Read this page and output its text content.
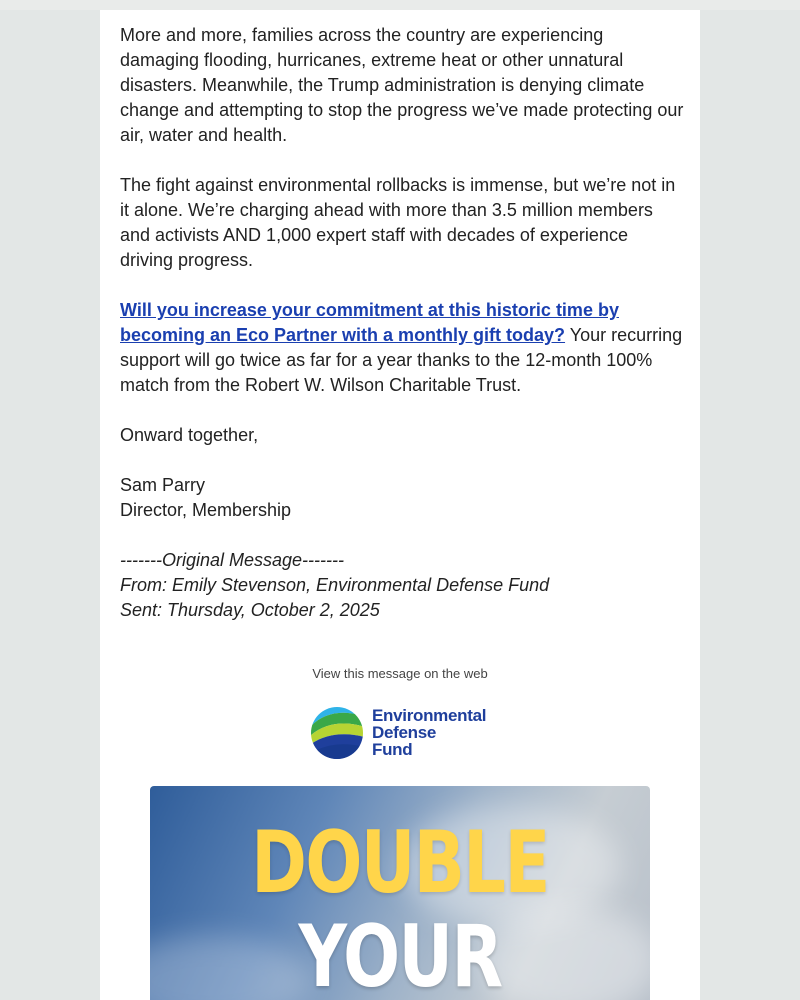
More and more, families across the country are experiencing damaging flooding, hurricanes, extreme heat or other unnatural disasters. Meanwhile, the Trump administration is denying climate change and attempting to stop the progress we’ve made protecting our air, water and health.

The fight against environmental rollbacks is immense, but we’re not in it alone. We’re charging ahead with more than 3.5 million members and activists AND 1,000 expert staff with decades of experience driving progress.

Will you increase your commitment at this historic time by becoming an Eco Partner with a monthly gift today? Your recurring support will go twice as far for a year thanks to the 12-month 100% match from the Robert W. Wilson Charitable Trust.

Onward together,

Sam Parry
Director, Membership
-------Original Message-------
From: Emily Stevenson, Environmental Defense Fund
Sent: Thursday, October 2, 2025
View this message on the web
Environmental
Defense
Fund
DOUBLE
YOUR
